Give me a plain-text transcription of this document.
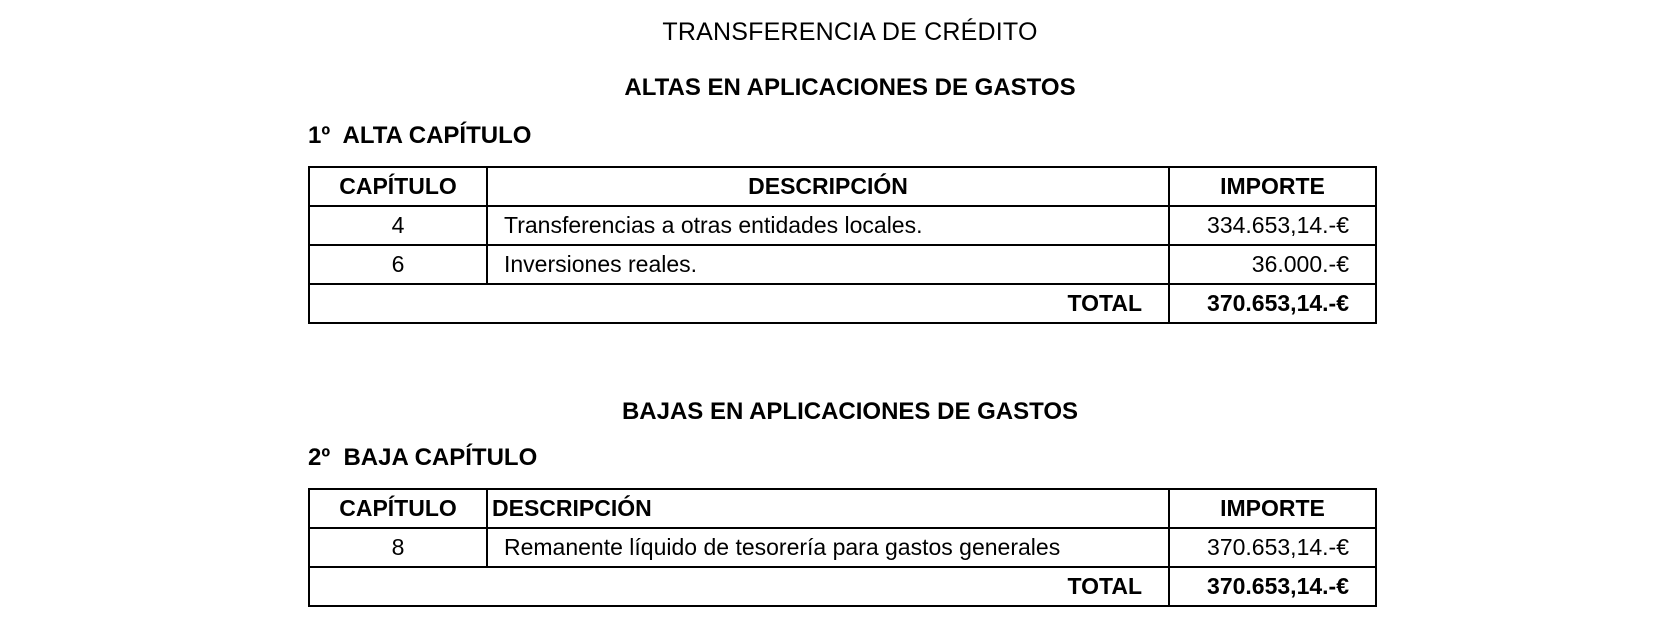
TRANSFERENCIA DE CRÉDITO
ALTAS EN APLICACIONES DE GASTOS
1º  ALTA CAPÍTULO
CAPÍTULO	DESCRIPCIÓN	IMPORTE
4	Transferencias a otras entidades locales.	334.653,14.-€
6	Inversiones reales.	36.000.-€
TOTAL		370.653,14.-€
BAJAS EN APLICACIONES DE GASTOS
2º  BAJA CAPÍTULO
CAPÍTULO	DESCRIPCIÓN	IMPORTE
8	Remanente líquido de tesorería para gastos generales	370.653,14.-€
TOTAL		370.653,14.-€
